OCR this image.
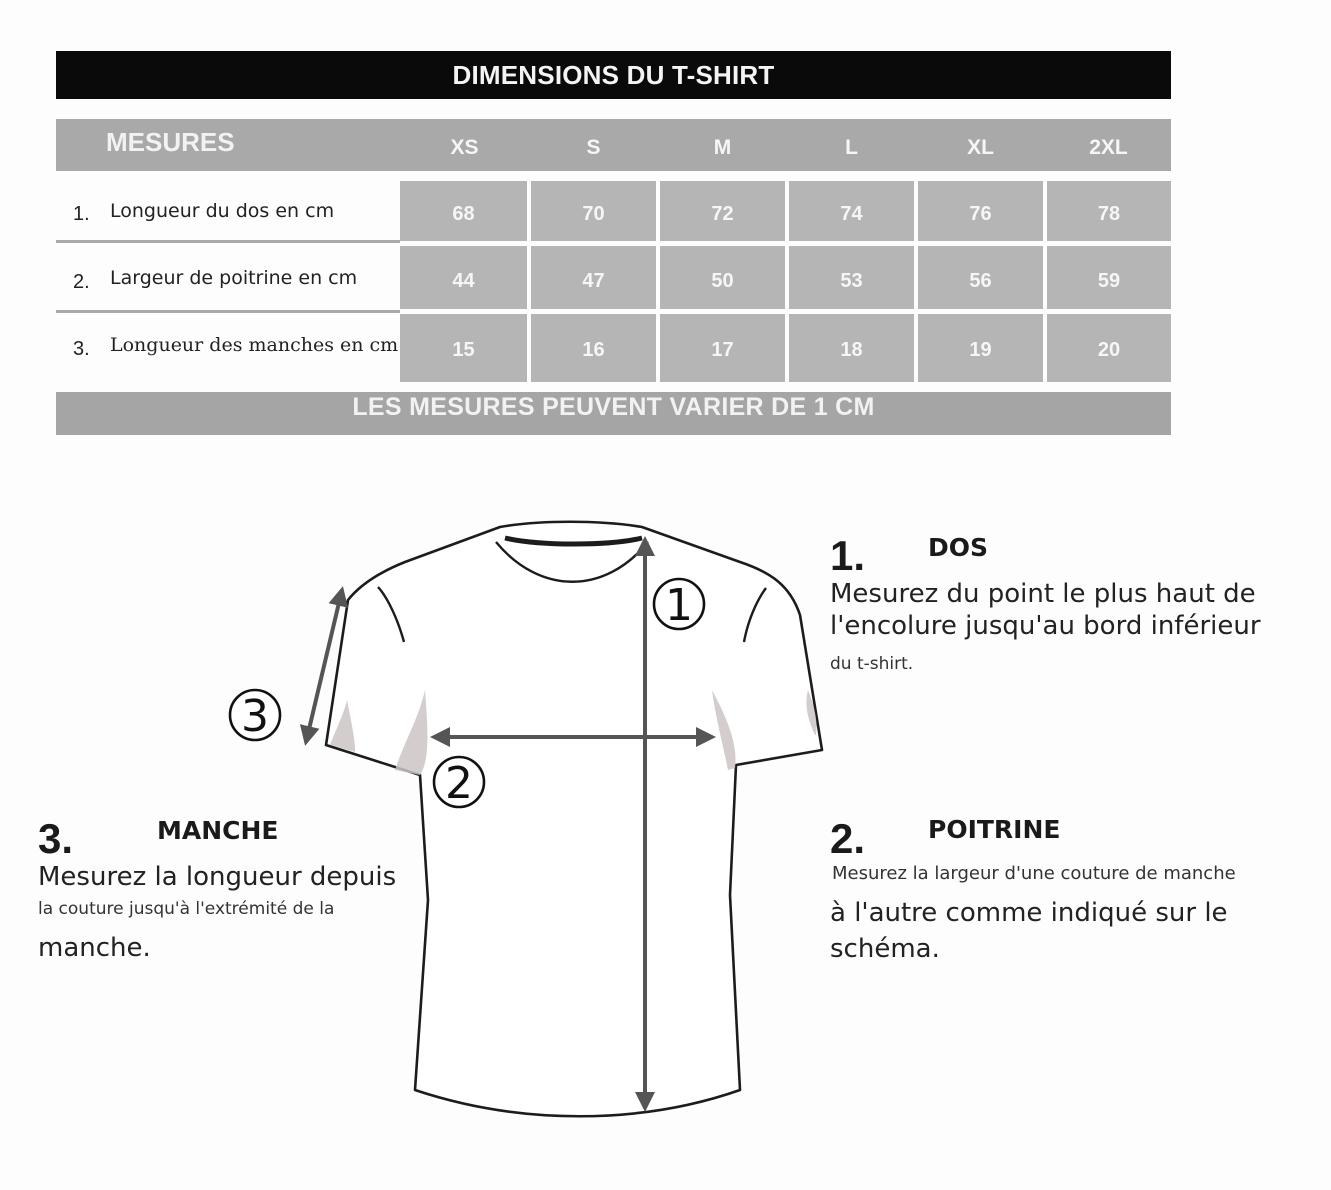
DIMENSIONS DU T-SHIRT
MESURES	XS	S	M	L	XL	2XL
1. Longueur du dos en cm	68	70	72	74	76	78
2. Largeur de poitrine en cm	44	47	50	53	56	59
3. Longueur des manches en cm	15	16	17	18	19	20
LES MESURES PEUVENT VARIER DE 1 CM
1
2
3
1.	DOS
Mesurez du point le plus haut de
l'encolure jusqu'au bord inférieur
du t-shirt.
2.	POITRINE
Mesurez la largeur d'une couture de manche
à l'autre comme indiqué sur le
schéma.
3.	MANCHE
Mesurez la longueur depuis
la couture jusqu'à l'extrémité de la
manche.
